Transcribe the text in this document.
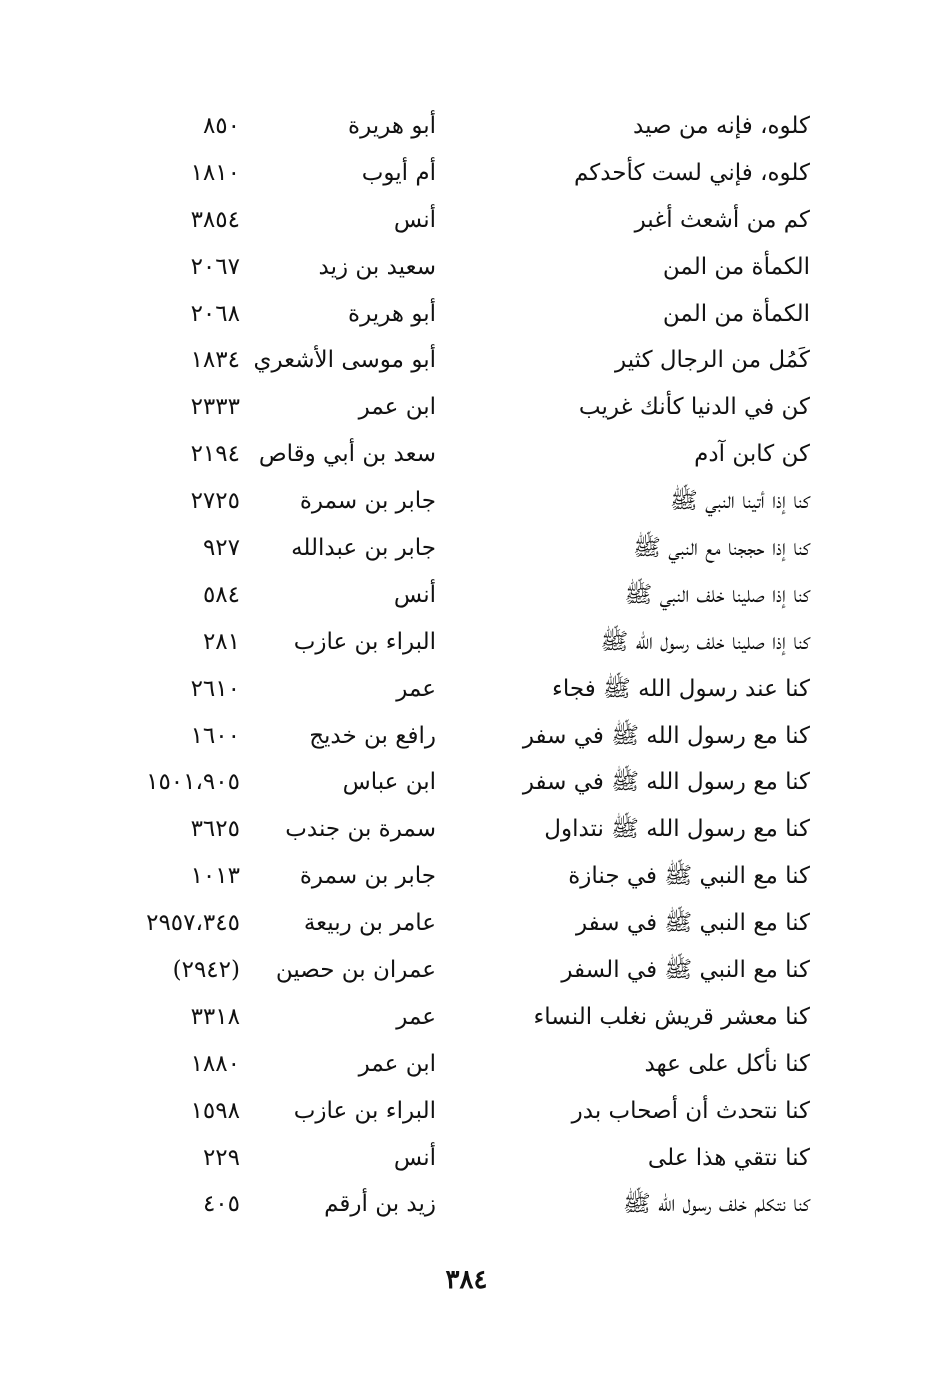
كلوه، فإنه من صيد
أبو هريرة
٨٥٠
كلوه، فإني لست كأحدكم
أم أيوب
١٨١٠
كم من أشعث أغبر
أنس
٣٨٥٤
الكمأة من المن
سعيد بن زيد
٢٠٦٧
الكمأة من المن
أبو هريرة
٢٠٦٨
كَمُل من الرجال كثير
أبو موسى الأشعري
١٨٣٤
كن في الدنيا كأنك غريب
ابن عمر
٢٣٣٣
كن كابن آدم
سعد بن أبي وقاص
٢١٩٤
كنا إذا أتينا النبي ﷺ
جابر بن سمرة
٢٧٢٥
كنا إذا حججنا مع النبي ﷺ
جابر بن عبدالله
٩٢٧
كنا إذا صلينا خلف النبي ﷺ
أنس
٥٨٤
كنا إذا صلينا خلف رسول الله ﷺ
البراء بن عازب
٢٨١
كنا عند رسول الله ﷺ فجاء
عمر
٢٦١٠
كنا مع رسول الله ﷺ في سفر
رافع بن خديج
١٦٠٠
كنا مع رسول الله ﷺ في سفر
ابن عباس
١٥٠١،٩٠٥
كنا مع رسول الله ﷺ نتداول
سمرة بن جندب
٣٦٢٥
كنا مع النبي ﷺ في جنازة
جابر بن سمرة
١٠١٣
كنا مع النبي ﷺ في سفر
عامر بن ربيعة
٢٩٥٧،٣٤٥
كنا مع النبي ﷺ في السفر
عمران بن حصين
(٢٩٤٢)
كنا معشر قريش نغلب النساء
عمر
٣٣١٨
كنا نأكل على عهد
ابن عمر
١٨٨٠
كنا نتحدث أن أصحاب بدر
البراء بن عازب
١٥٩٨
كنا نتقي هذا على
أنس
٢٢٩
كنا نتكلم خلف رسول الله ﷺ
زيد بن أرقم
٤٠٥
٣٨٤
